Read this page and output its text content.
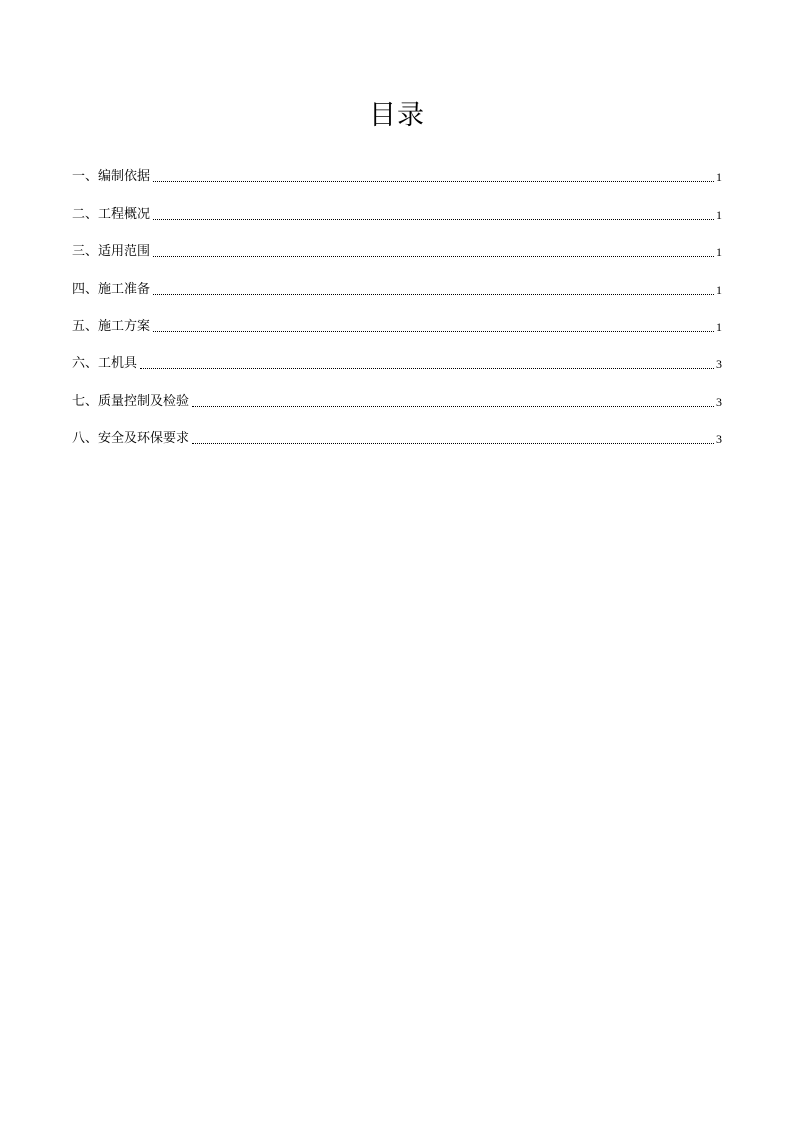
目录
一、编制依据	1
二、工程概况	1
三、适用范围	1
四、施工准备	1
五、施工方案	1
六、工机具	3
七、质量控制及检验	3
八、安全及环保要求	3
